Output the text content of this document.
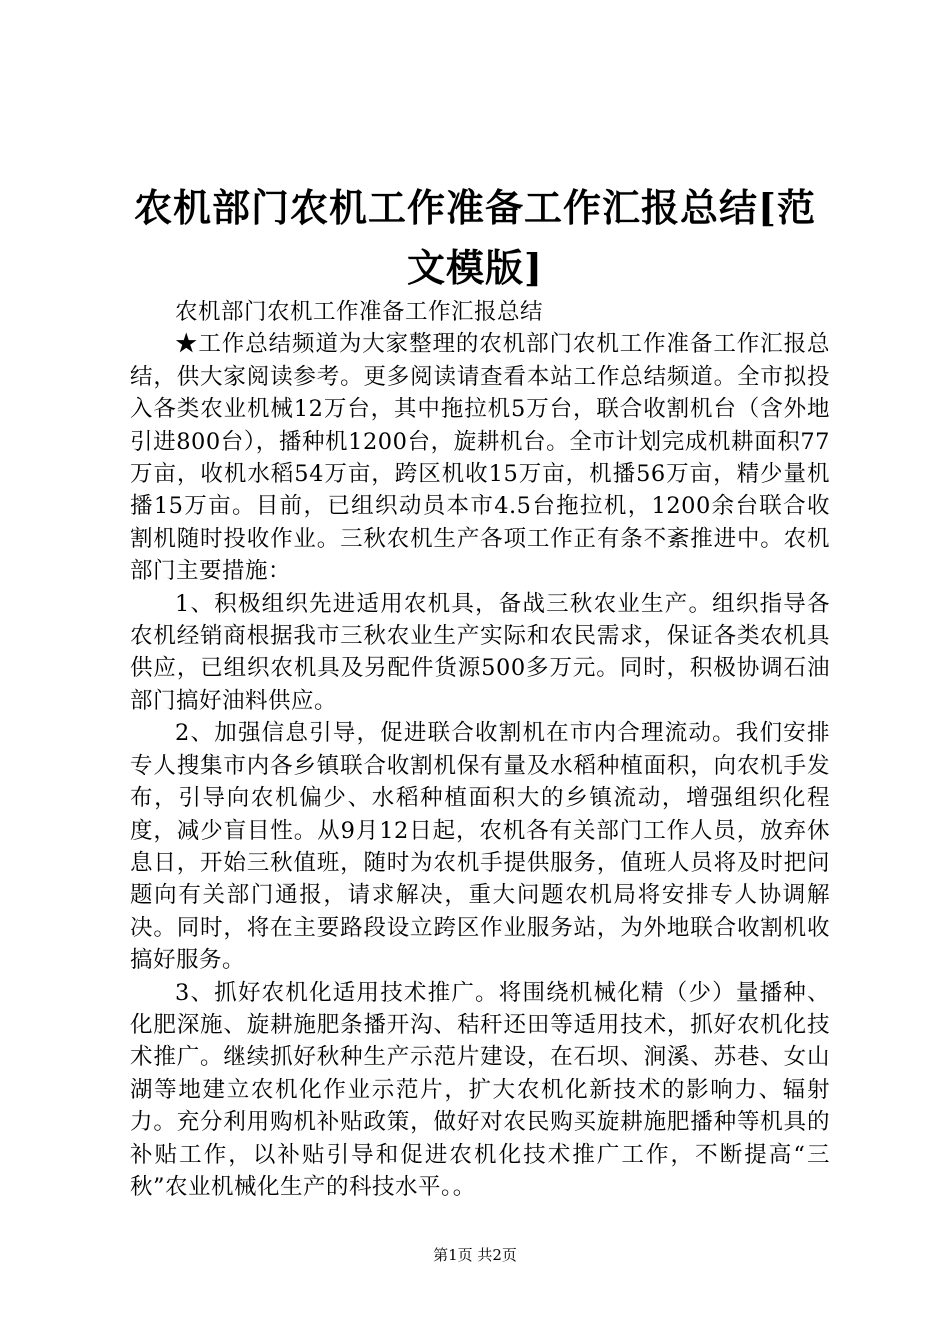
农机部门农机工作准备工作汇报总结[范文模版]

农机部门农机工作准备工作汇报总结

★工作总结频道为大家整理的农机部门农机工作准备工作汇报总结，供大家阅读参考。更多阅读请查看本站工作总结频道。全市拟投入各类农业机械12万台，其中拖拉机5万台，联合收割机台（含外地引进800台），播种机1200台，旋耕机台。全市计划完成机耕面积77万亩，收机水稻54万亩，跨区机收15万亩，机播56万亩，精少量机播15万亩。目前，已组织动员本市4.5台拖拉机，1200余台联合收割机随时投收作业。三秋农机生产各项工作正有条不紊推进中。农机部门主要措施：

1、积极组织先进适用农机具，备战三秋农业生产。组织指导各农机经销商根据我市三秋农业生产实际和农民需求，保证各类农机具供应，已组织农机具及另配件货源500多万元。同时，积极协调石油部门搞好油料供应。

2、加强信息引导，促进联合收割机在市内合理流动。我们安排专人搜集市内各乡镇联合收割机保有量及水稻种植面积，向农机手发布，引导向农机偏少、水稻种植面积大的乡镇流动，增强组织化程度，减少盲目性。从9月12日起，农机各有关部门工作人员，放弃休息日，开始三秋值班，随时为农机手提供服务，值班人员将及时把问题向有关部门通报，请求解决，重大问题农机局将安排专人协调解决。同时，将在主要路段设立跨区作业服务站，为外地联合收割机收搞好服务。

3、抓好农机化适用技术推广。将围绕机械化精（少）量播种、化肥深施、旋耕施肥条播开沟、秸秆还田等适用技术，抓好农机化技术推广。继续抓好秋种生产示范片建设，在石坝、涧溪、苏巷、女山湖等地建立农机化作业示范片，扩大农机化新技术的影响力、辐射力。充分利用购机补贴政策，做好对农民购买旋耕施肥播种等机具的补贴工作，以补贴引导和促进农机化技术推广工作，不断提高“三秋”农业机械化生产的科技水平。。

第1页 共2页
